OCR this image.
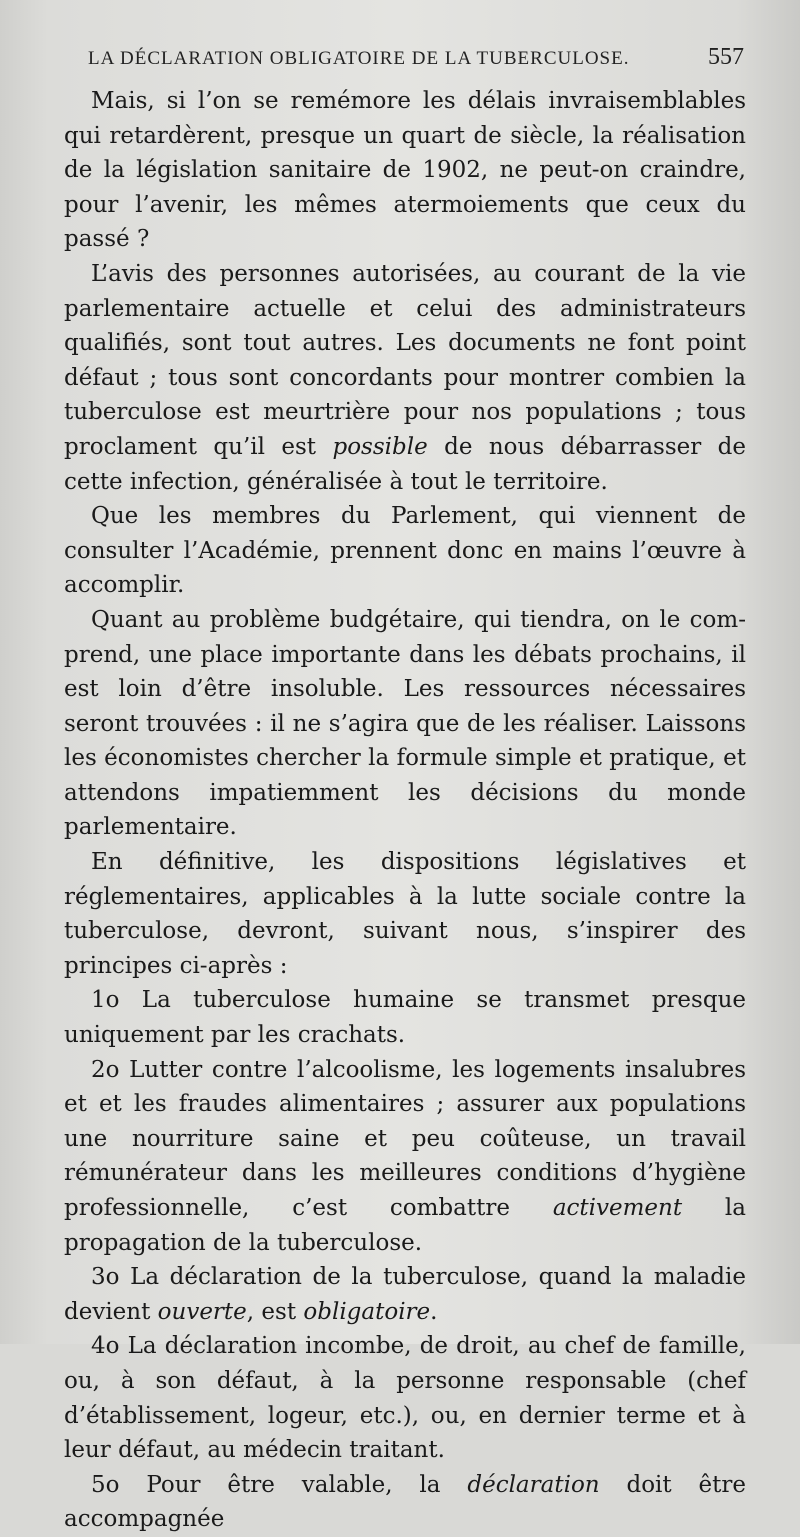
LA DÉCLARATION OBLIGATOIRE DE LA TUBERCULOSE.	557

Mais, si l’on se remémore les délais invraisemblables qui retardèrent, presque un quart de siècle, la réalisation de la législation sanitaire de 1902, ne peut-on craindre, pour l’avenir, les mêmes atermoiements que ceux du passé ?

L’avis des personnes autorisées, au courant de la vie parlementaire actuelle et celui des administrateurs qualifiés, sont tout autres. Les documents ne font point défaut ; tous sont concordants pour montrer combien la tuberculose est meurtrière pour nos populations ; tous proclament qu’il est possible de nous débarrasser de cette infection, généralisée à tout le territoire.

Que les membres du Parlement, qui viennent de consulter l’Académie, prennent donc en mains l’œuvre à accomplir.

Quant au problème budgétaire, qui tiendra, on le comprend, une place importante dans les débats prochains, il est loin d’être insoluble. Les ressources nécessaires seront trouvées : il ne s’agira que de les réaliser. Laissons les économistes chercher la formule simple et pratique, et attendons impatiemment les décisions du monde parlementaire.

En définitive, les dispositions législatives et réglementaires, applicables à la lutte sociale contre la tuberculose, devront, suivant nous, s’inspirer des principes ci-après :

1o La tuberculose humaine se transmet presque uniquement par les crachats.

2o Lutter contre l’alcoolisme, les logements insalubres et et les fraudes alimentaires ; assurer aux populations une nourriture saine et peu coûteuse, un travail rémunérateur dans les meilleures conditions d’hygiène professionnelle, c’est combattre activement la propagation de la tuberculose.

3o La déclaration de la tuberculose, quand la maladie devient ouverte, est obligatoire.

4o La déclaration incombe, de droit, au chef de famille, ou, à son défaut, à la personne responsable (chef d’établissement, logeur, etc.), ou, en dernier terme et à leur défaut, au médecin traitant.

5o Pour être valable, la déclaration doit être accompagnée
